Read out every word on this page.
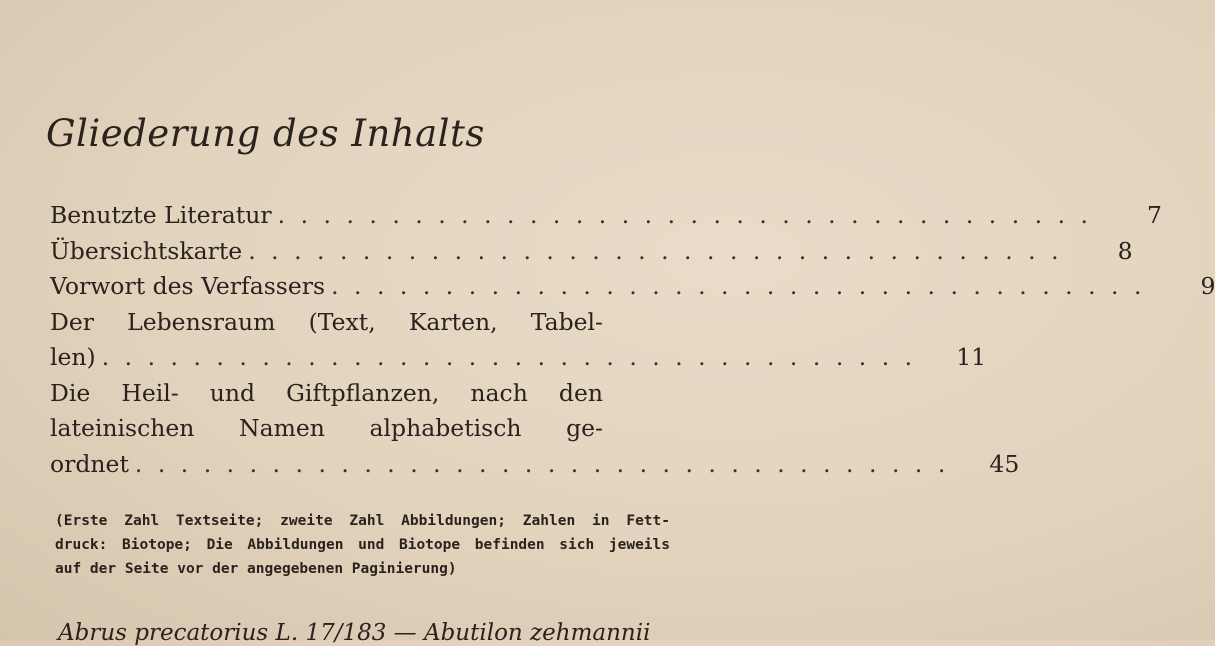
Gliederung des Inhalts
Benutzte Literatur . . . . . . . . . . . . . . . . . . . . . . . . . . . . . . . . . . . .	7
Übersichtskarte . . . . . . . . . . . . . . . . . . . . . . . . . . . . . . . . . . . .	8
Vorwort des Verfassers . . . . . . . . . . . . . . . . . . . . . . . . . . . . . . . . . . . .	9
Der Lebensraum (Text, Karten, Tabel-
len) . . . . . . . . . . . . . . . . . . . . . . . . . . . . . . . . . . . .	11
Die Heil- und Giftpflanzen, nach den
lateinischen Namen alphabetisch ge-
ordnet . . . . . . . . . . . . . . . . . . . . . . . . . . . . . . . . . . . .	45
(Erste Zahl Textseite; zweite Zahl Abbildungen; Zahlen in Fett-
druck: Biotope; Die Abbildungen und Biotope befinden sich jeweils
auf der Seite vor der angegebenen Paginierung)
Abrus precatorius L. 17/183 — Abutilon zehmannii
